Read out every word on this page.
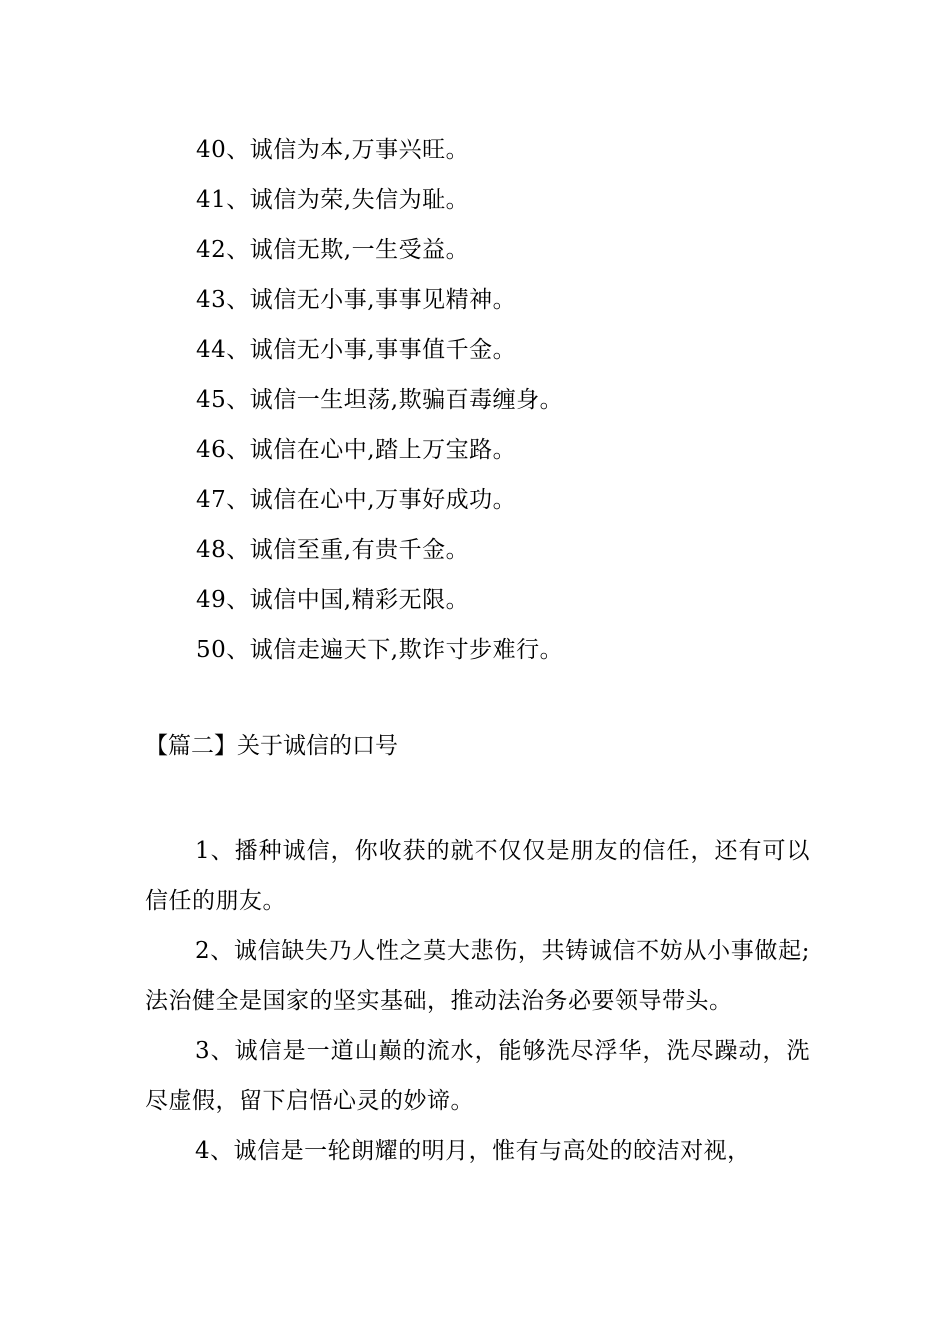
40、诚信为本,万事兴旺。
41、诚信为荣,失信为耻。
42、诚信无欺,一生受益。
43、诚信无小事,事事见精神。
44、诚信无小事,事事值千金。
45、诚信一生坦荡,欺骗百毒缠身。
46、诚信在心中,踏上万宝路。
47、诚信在心中,万事好成功。
48、诚信至重,有贵千金。
49、诚信中国,精彩无限。
50、诚信走遍天下,欺诈寸步难行。
【篇二】关于诚信的口号

1、播种诚信，你收获的就不仅仅是朋友的信任，还有可以信任的朋友。

2、诚信缺失乃人性之莫大悲伤，共铸诚信不妨从小事做起;法治健全是国家的坚实基础，推动法治务必要领导带头。

3、诚信是一道山巅的流水，能够洗尽浮华，洗尽躁动，洗尽虚假，留下启悟心灵的妙谛。

4、诚信是一轮朗耀的明月，惟有与高处的皎洁对视，
